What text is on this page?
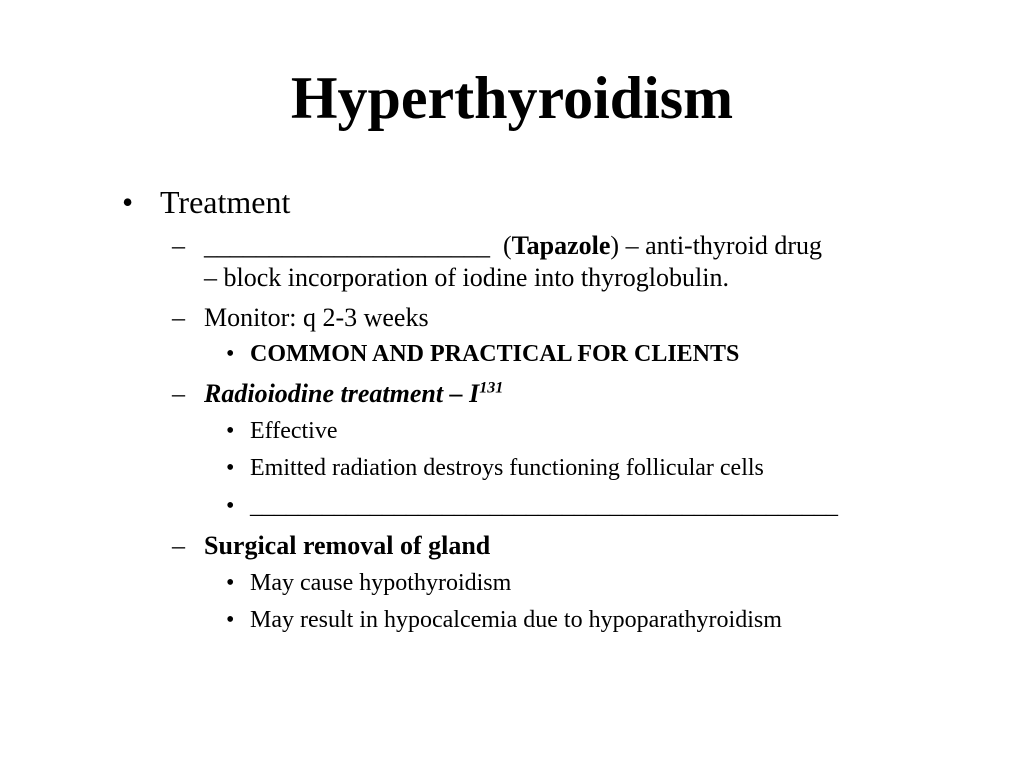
Hyperthyroidism
• Treatment
– ______________________ (Tapazole) – anti-thyroid drug
– block incorporation of iodine into thyroglobulin.
– Monitor: q 2-3 weeks
• COMMON AND PRACTICAL FOR CLIENTS
– Radioiodine treatment – $I^{131}$
• Effective
• Emitted radiation destroys functioning follicular cells
• _________________________________________________
– Surgical removal of gland
• May cause hypothyroidism
• May result in hypocalcemia due to hypoparathyroidism
